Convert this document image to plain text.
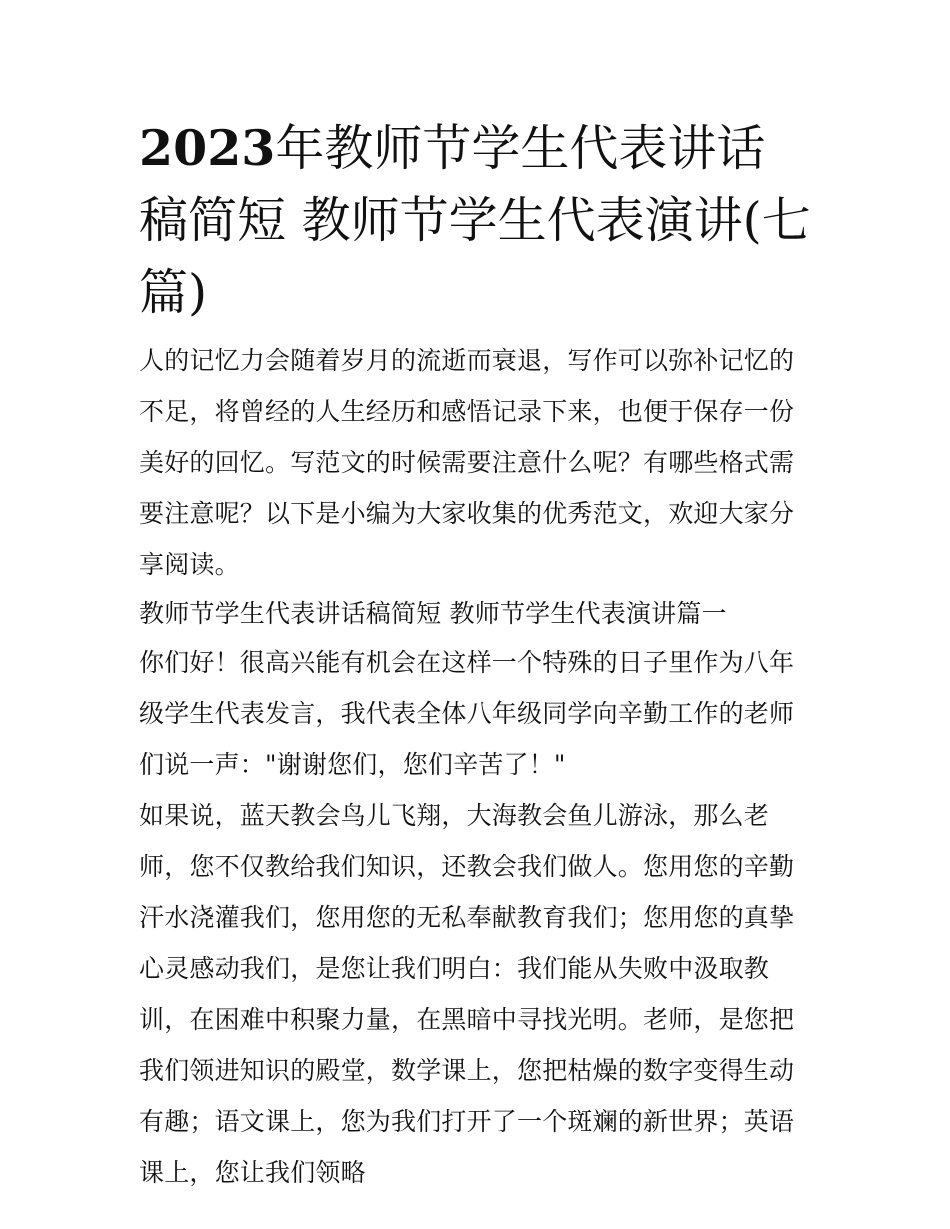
2023年教师节学生代表讲话稿简短 教师节学生代表演讲(七篇)

人的记忆力会随着岁月的流逝而衰退，写作可以弥补记忆的不足，将曾经的人生经历和感悟记录下来，也便于保存一份美好的回忆。写范文的时候需要注意什么呢？有哪些格式需要注意呢？以下是小编为大家收集的优秀范文，欢迎大家分享阅读。

教师节学生代表讲话稿简短 教师节学生代表演讲篇一

你们好！很高兴能有机会在这样一个特殊的日子里作为八年级学生代表发言，我代表全体八年级同学向辛勤工作的老师们说一声："谢谢您们，您们辛苦了！"

如果说，蓝天教会鸟儿飞翔，大海教会鱼儿游泳，那么老师，您不仅教给我们知识，还教会我们做人。您用您的辛勤汗水浇灌我们，您用您的无私奉献教育我们；您用您的真挚心灵感动我们，是您让我们明白：我们能从失败中汲取教训，在困难中积聚力量，在黑暗中寻找光明。老师，是您把我们领进知识的殿堂，数学课上，您把枯燥的数字变得生动有趣；语文课上，您为我们打开了一个斑斓的新世界；英语课上，您让我们领略
